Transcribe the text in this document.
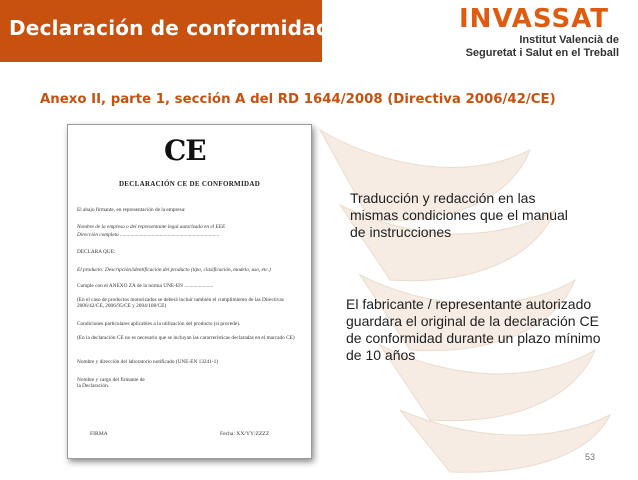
Declaración de conformidad	INVASSAT
Institut Valencià de
Seguretat i Salut en el Treball
Anexo II, parte 1, sección A del RD 1644/2008 (Directiva 2006/42/CE)
CE
DECLARACIÓN CE DE CONFORMIDAD
El abajo firmante, en representación de la empresa:
Nombre de la empresa o del representante legal autorizado en el EEE
Dirección completa ...........................................................................
DECLARA QUE:
El producto: Descripción/identificación del producto (tipo, clasificación, modelo, uso, etc.)
Cumple con el ANEXO ZA de la norma UNE-EN ......................
(En el caso de productos motorizados se deberá incluir también el cumplimiento de las Directivas 2006/42/CE, 2006/95/CE y 2004/108/CE)
Condiciones particulares aplicables a la utilización del producto (si procede).
(En la declaración CE no es necesario que se incluyan las características declaradas en el marcado CE)
Nombre y dirección del laboratorio notificado (UNE-EN 13241-1)
Nombre y cargo del firmante de la Declaración.
FIRMA	Fecha: XX/YY/ZZZZ
Traducción y redacción en las mismas condiciones que el manual de instrucciones
El fabricante / representante autorizado guardara el original de la declaración CE de conformidad durante un plazo mínimo de 10 años
53
